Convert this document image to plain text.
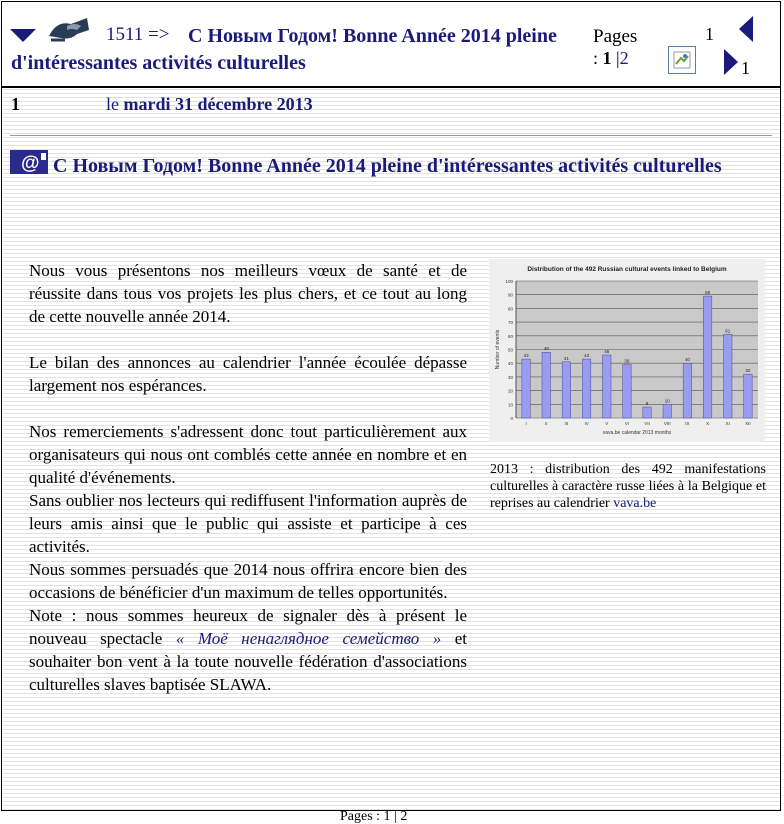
1511 => С Новым Годом! Bonne Année 2014 pleine d'intéressantes activités culturelles
Pages
: 1 |2
1
1
1	le mardi 31 décembre 2013
@ С Новым Годом! Bonne Année 2014 pleine d'intéressantes activités culturelles
Nous vous présentons nos meilleurs vœux de santé et de réussite dans tous vos projets les plus chers, et ce tout au long de cette nouvelle année 2014.
Le bilan des annonces au calendrier l'année écoulée dépasse largement nos espérances.
Nos remerciements s'adressent donc tout particulièrement aux organisateurs qui nous ont comblés cette année en nombre et en qualité d'événements.
Sans oublier nos lecteurs qui rediffusent l'information auprès de leurs amis ainsi que le public qui assiste et participe à ces activités.
Nous sommes persuadés que 2014 nous offrira encore bien des occasions de bénéficier d'un maximum de telles opportunités.
Note : nous sommes heureux de signaler dès à présent le nouveau spectacle « Моё ненаглядное семейство » et souhaiter bon vent à la toute nouvelle fédération d'associations culturelles slaves baptisée SLAWA.
Distribution of the 492 Russian cultural events linked to Belgium
0
10
20
30
40
50
60
70
80
90
100
43
I
48
II
41
III
43
IV
46
V
39
VI
8
VII
10
VIII
40
IX
89
X
61
XI
32
XII
vava.be calendar 2013 months
Number of events
2013 : distribution des 492 manifestations culturelles à caractère russe liées à la Belgique et reprises au calendrier vava.be
Pages : 1 | 2
